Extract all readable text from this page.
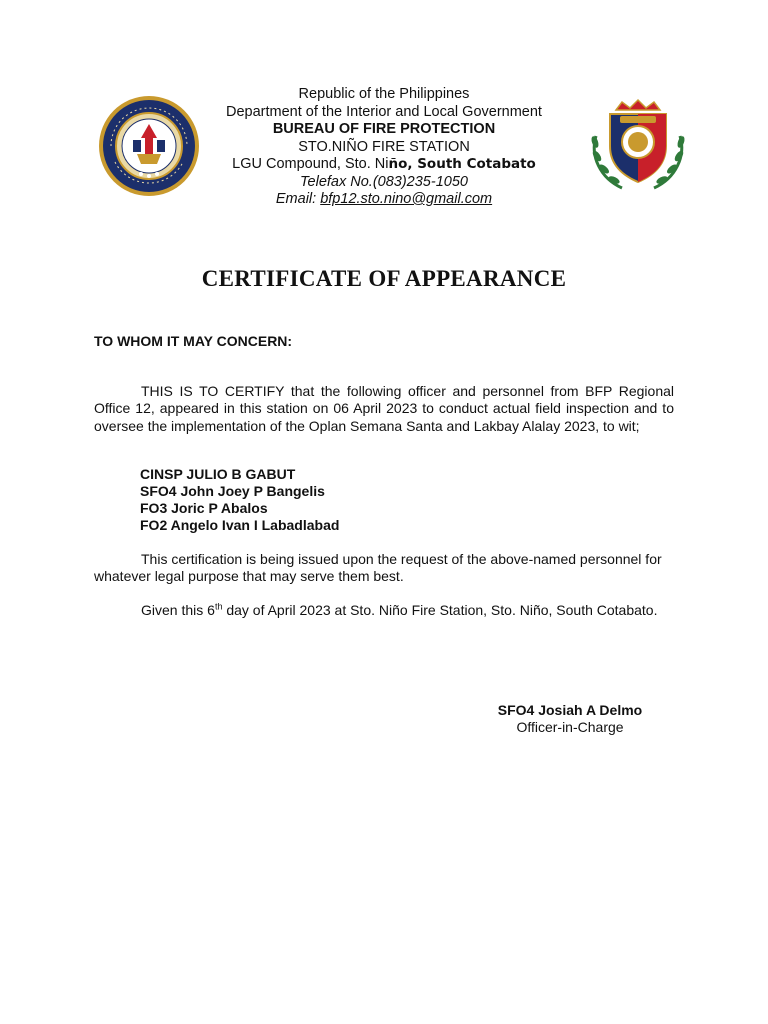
Republic of the Philippines
Department of the Interior and Local Government
BUREAU OF FIRE PROTECTION
STO.NIÑO FIRE STATION
LGU Compound, Sto. Niño, South Cotabato
Telefax No.(083)235-1050
Email: bfp12.sto.nino@gmail.com
CERTIFICATE OF APPEARANCE
TO WHOM IT MAY CONCERN:
THIS IS TO CERTIFY that the following officer and personnel from BFP Regional Office 12, appeared in this station on 06 April 2023 to conduct actual field inspection and to oversee the implementation of the Oplan Semana Santa and Lakbay Alalay 2023, to wit;
CINSP JULIO B GABUT
SFO4 John Joey P Bangelis
FO3 Joric P Abalos
FO2 Angelo Ivan I Labadlabad
This certification is being issued upon the request of the above-named personnel for whatever legal purpose that may serve them best.
Given this 6th day of April 2023 at Sto. Niño Fire Station, Sto. Niño, South Cotabato.
SFO4 Josiah A Delmo
Officer-in-Charge
